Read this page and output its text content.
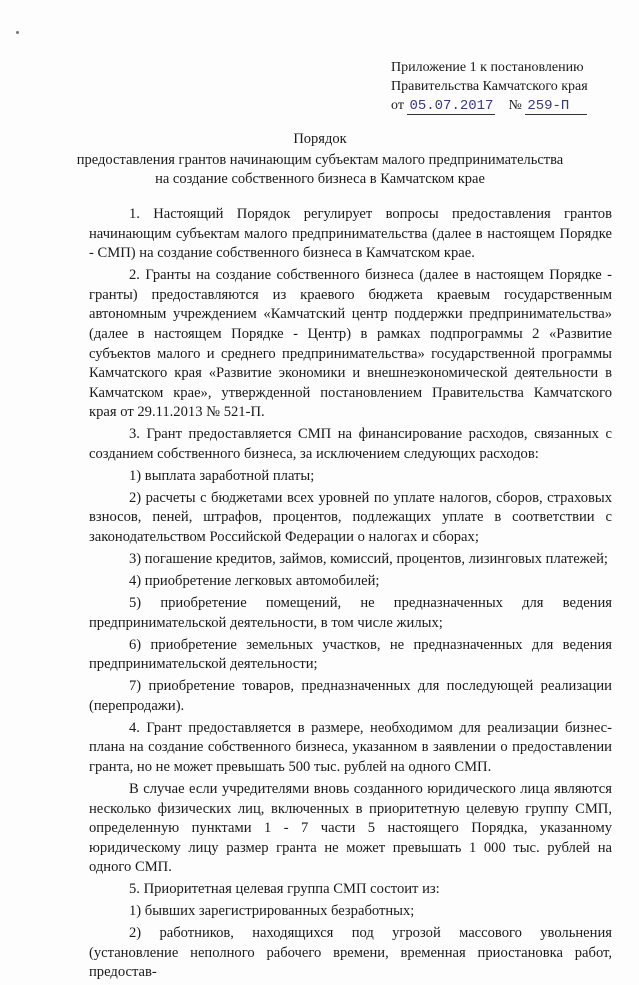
Приложение 1 к постановлению
Правительства Камчатского края
от 05.07.2017 № 259-П
Порядок
предоставления грантов начинающим субъектам малого предпринимательства
на создание собственного бизнеса в Камчатском крае

1. Настоящий Порядок регулирует вопросы предоставления грантов начинающим субъектам малого предпринимательства (далее в настоящем Порядке - СМП) на создание собственного бизнеса в Камчатском крае.

2. Гранты на создание собственного бизнеса (далее в настоящем Порядке - гранты) предоставляются из краевого бюджета краевым государственным автономным учреждением «Камчатский центр поддержки предпринимательства» (далее в настоящем Порядке - Центр) в рамках подпрограммы 2 «Развитие субъектов малого и среднего предпринимательства» государственной программы Камчатского края «Развитие экономики и внешнеэкономической деятельности в Камчатском крае», утвержденной постановлением Правительства Камчатского края от 29.11.2013 № 521-П.

3. Грант предоставляется СМП на финансирование расходов, связанных с созданием собственного бизнеса, за исключением следующих расходов:

1) выплата заработной платы;

2) расчеты с бюджетами всех уровней по уплате налогов, сборов, страховых взносов, пеней, штрафов, процентов, подлежащих уплате в соответствии с законодательством Российской Федерации о налогах и сборах;

3) погашение кредитов, займов, комиссий, процентов, лизинговых платежей;

4) приобретение легковых автомобилей;

5) приобретение помещений, не предназначенных для ведения предпринимательской деятельности, в том числе жилых;

6) приобретение земельных участков, не предназначенных для ведения предпринимательской деятельности;

7) приобретение товаров, предназначенных для последующей реализации (перепродажи).

4. Грант предоставляется в размере, необходимом для реализации бизнес-плана на создание собственного бизнеса, указанном в заявлении о предоставлении гранта, но не может превышать 500 тыс. рублей на одного СМП.

В случае если учредителями вновь созданного юридического лица являются несколько физических лиц, включенных в приоритетную целевую группу СМП, определенную пунктами 1 - 7 части 5 настоящего Порядка, указанному юридическому лицу размер гранта не может превышать 1 000 тыс. рублей на одного СМП.

5. Приоритетная целевая группа СМП состоит из:

1) бывших зарегистрированных безработных;

2) работников, находящихся под угрозой массового увольнения (установление неполного рабочего времени, временная приостановка работ, предостав-
